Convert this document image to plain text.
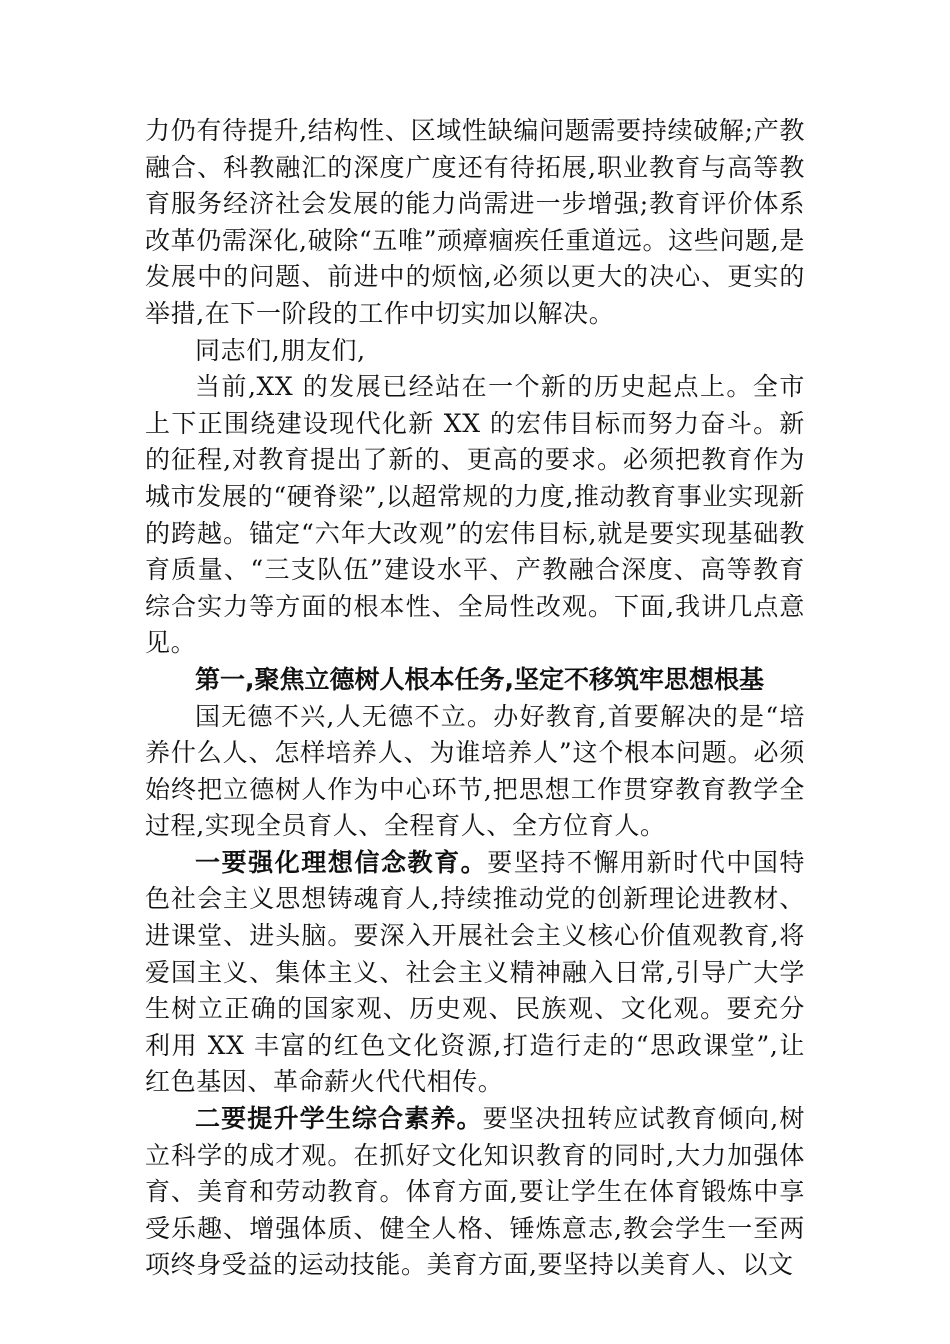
力仍有待提升,结构性、区域性缺编问题需要持续破解;产教融合、科教融汇的深度广度还有待拓展,职业教育与高等教育服务经济社会发展的能力尚需进一步增强;教育评价体系改革仍需深化,破除“五唯”顽瘴痼疾任重道远。这些问题,是发展中的问题、前进中的烦恼,必须以更大的决心、更实的举措,在下一阶段的工作中切实加以解决。

同志们,朋友们,

当前,XX 的发展已经站在一个新的历史起点上。全市上下正围绕建设现代化新 XX 的宏伟目标而努力奋斗。新的征程,对教育提出了新的、更高的要求。必须把教育作为城市发展的“硬脊梁”,以超常规的力度,推动教育事业实现新的跨越。锚定“六年大改观”的宏伟目标,就是要实现基础教育质量、“三支队伍”建设水平、产教融合深度、高等教育综合实力等方面的根本性、全局性改观。下面,我讲几点意见。

第一,聚焦立德树人根本任务,坚定不移筑牢思想根基

国无德不兴,人无德不立。办好教育,首要解决的是“培养什么人、怎样培养人、为谁培养人”这个根本问题。必须始终把立德树人作为中心环节,把思想工作贯穿教育教学全过程,实现全员育人、全程育人、全方位育人。

一要强化理想信念教育。要坚持不懈用新时代中国特色社会主义思想铸魂育人,持续推动党的创新理论进教材、进课堂、进头脑。要深入开展社会主义核心价值观教育,将爱国主义、集体主义、社会主义精神融入日常,引导广大学生树立正确的国家观、历史观、民族观、文化观。要充分利用 XX 丰富的红色文化资源,打造行走的“思政课堂”,让红色基因、革命薪火代代相传。

二要提升学生综合素养。要坚决扭转应试教育倾向,树立科学的成才观。在抓好文化知识教育的同时,大力加强体育、美育和劳动教育。体育方面,要让学生在体育锻炼中享受乐趣、增强体质、健全人格、锤炼意志,教会学生一至两项终身受益的运动技能。美育方面,要坚持以美育人、以文
